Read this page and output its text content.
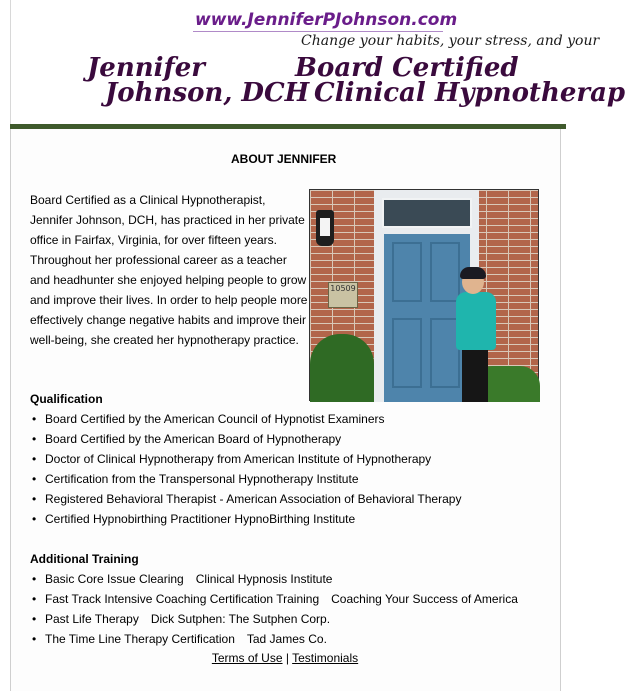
www.JenniferPJohnson.com
Change your habits, your stress, and your
Jennifer
Johnson, DCH
Board Certified
Clinical Hypnotherap
ABOUT JENNIFER

Board Certified as a Clinical Hypnotherapist, Jennifer Johnson, DCH, has practiced in her private office in Fairfax, Virginia, for over fifteen years. Throughout her professional career as a teacher and headhunter she enjoyed helping people to grow and improve their lives. In order to help people more effectively change negative habits and improve their well-being, she created her hypnotherapy practice.

10509
Qualification
• Board Certified by the American Council of Hypnotist Examiners
• Board Certified by the American Board of Hypnotherapy
• Doctor of Clinical Hypnotherapy from American Institute of Hypnotherapy
• Certification from the Transpersonal Hypnotherapy Institute
• Registered Behavioral Therapist - American Association of Behavioral Therapy
• Certified Hypnobirthing Practitioner HypnoBirthing Institute
Additional Training
• Basic Core Issue Clearing Clinical Hypnosis Institute
• Fast Track Intensive Coaching Certification Training Coaching Your Success of America
• Past Life Therapy Dick Sutphen: The Sutphen Corp.
• The Time Line Therapy Certification Tad James Co.
Terms of Use | Testimonials
